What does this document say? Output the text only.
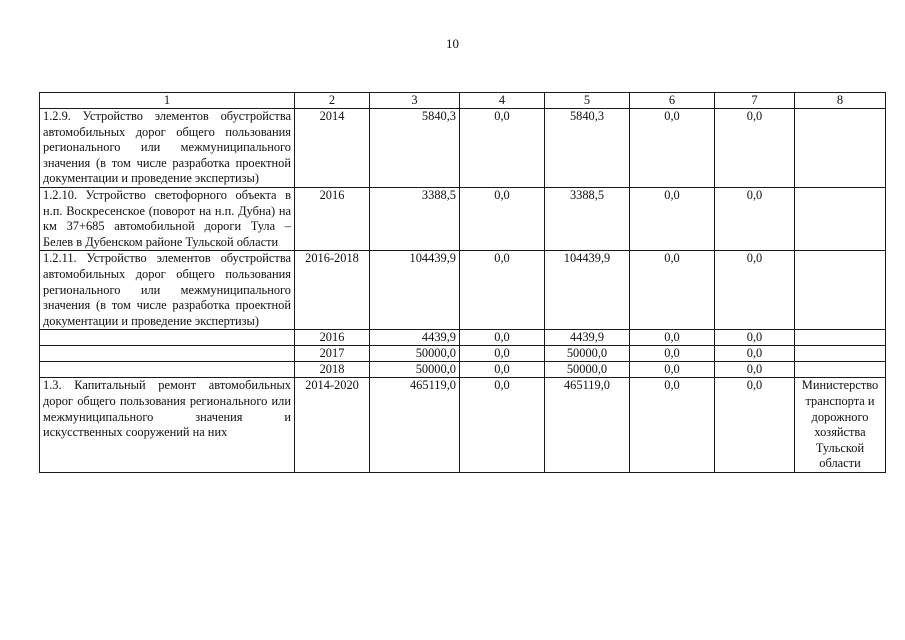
10
1	2	3	4	5	6	7	8
1.2.9. Устройство элементов обустройства автомобильных дорог общего пользования регионального или межмуниципального значения (в том числе разработка проектной документации и проведение экспертизы)	2014	5840,3	0,0	5840,3	0,0	0,0	
1.2.10. Устройство светофорного объекта в н.п. Воскресенское (поворот на н.п. Дубна) на км 37+685 автомобильной дороги Тула – Белев в Дубенском районе Тульской области	2016	3388,5	0,0	3388,5	0,0	0,0	
1.2.11. Устройство элементов обустройства автомобильных дорог общего пользования регионального или межмуниципального значения (в том числе разработка проектной документации и проведение экспертизы)	2016-2018	104439,9	0,0	104439,9	0,0	0,0	
	2016	4439,9	0,0	4439,9	0,0	0,0	
	2017	50000,0	0,0	50000,0	0,0	0,0	
	2018	50000,0	0,0	50000,0	0,0	0,0	
1.3. Капитальный ремонт автомобильных дорог общего пользования регионального или межмуниципального значения и искусственных сооружений на них	2014-2020	465119,0	0,0	465119,0	0,0	0,0	Министерство транспорта и дорожного хозяйства Тульской области
